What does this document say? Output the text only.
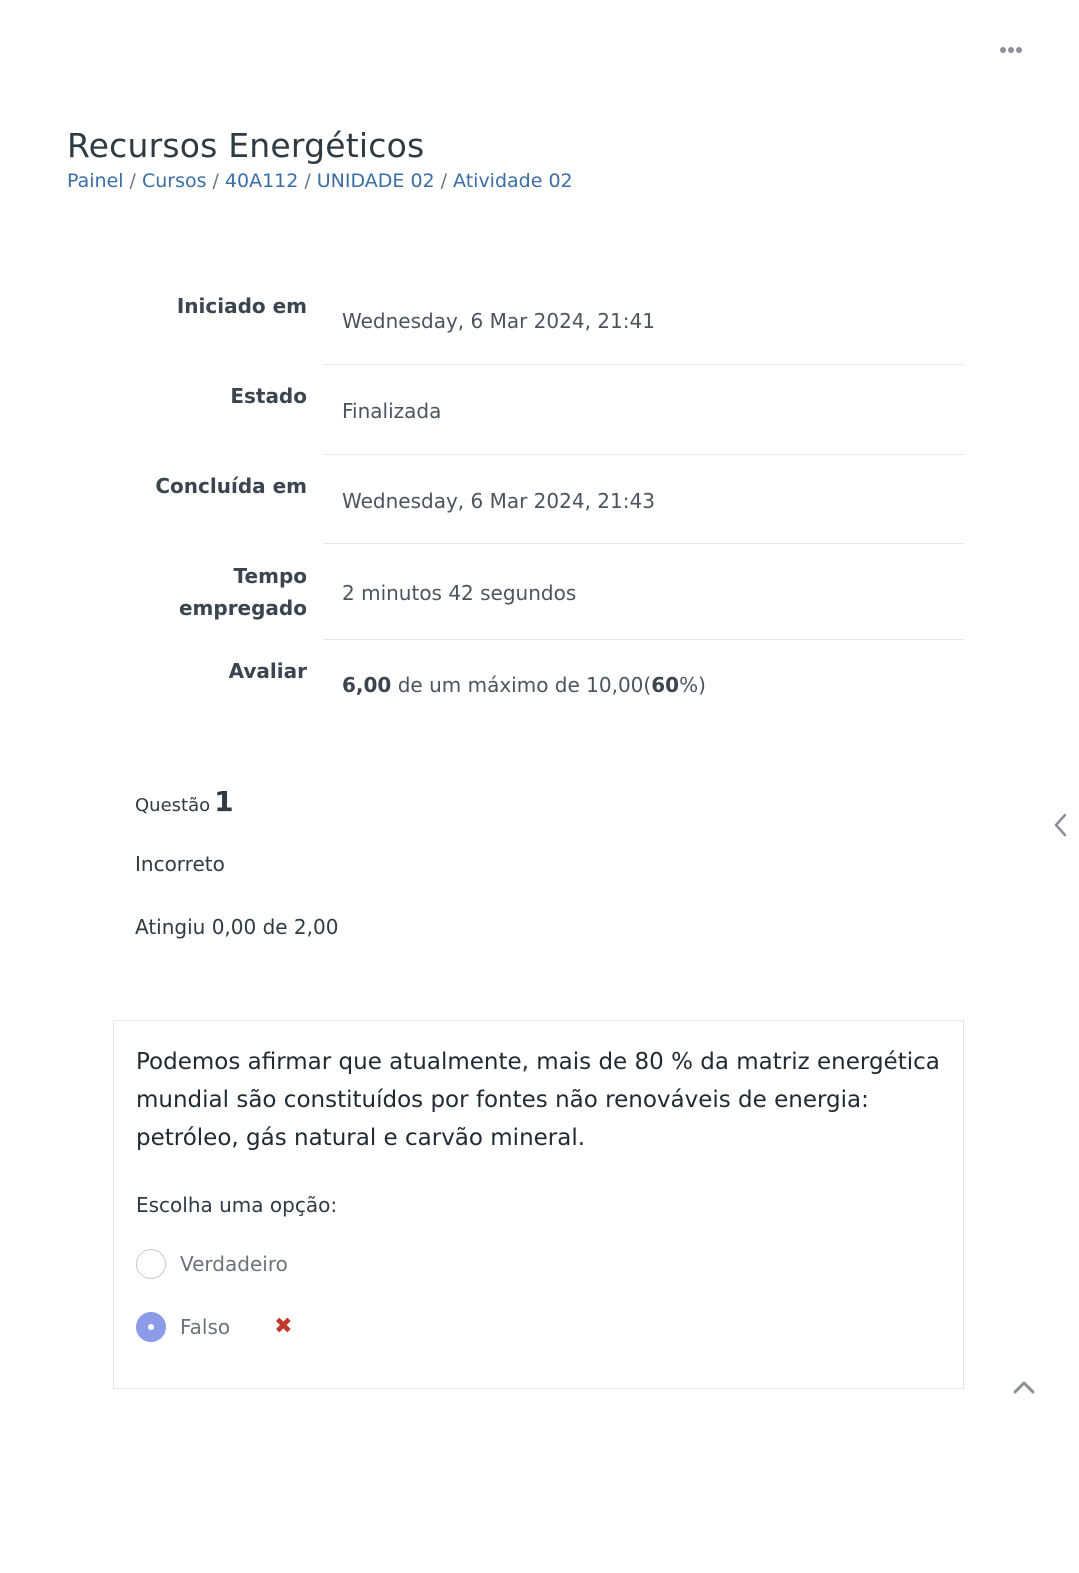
Recursos Energéticos
Painel / Cursos / 40A112 / UNIDADE 02 / Atividade 02
Iniciado em
Wednesday, 6 Mar 2024, 21:41
Estado
Finalizada
Concluída em
Wednesday, 6 Mar 2024, 21:43
Tempo
empregado
2 minutos 42 segundos
Avaliar
6,00 de um máximo de 10,00(60%)
Questão 1
Incorreto
Atingiu 0,00 de 2,00

Podemos afirmar que atualmente, mais de 80 % da matriz energética mundial são constituídos por fontes não renováveis de energia: petróleo, gás natural e carvão mineral.

Escolha uma opção:
Verdadeiro
Falso ✖
